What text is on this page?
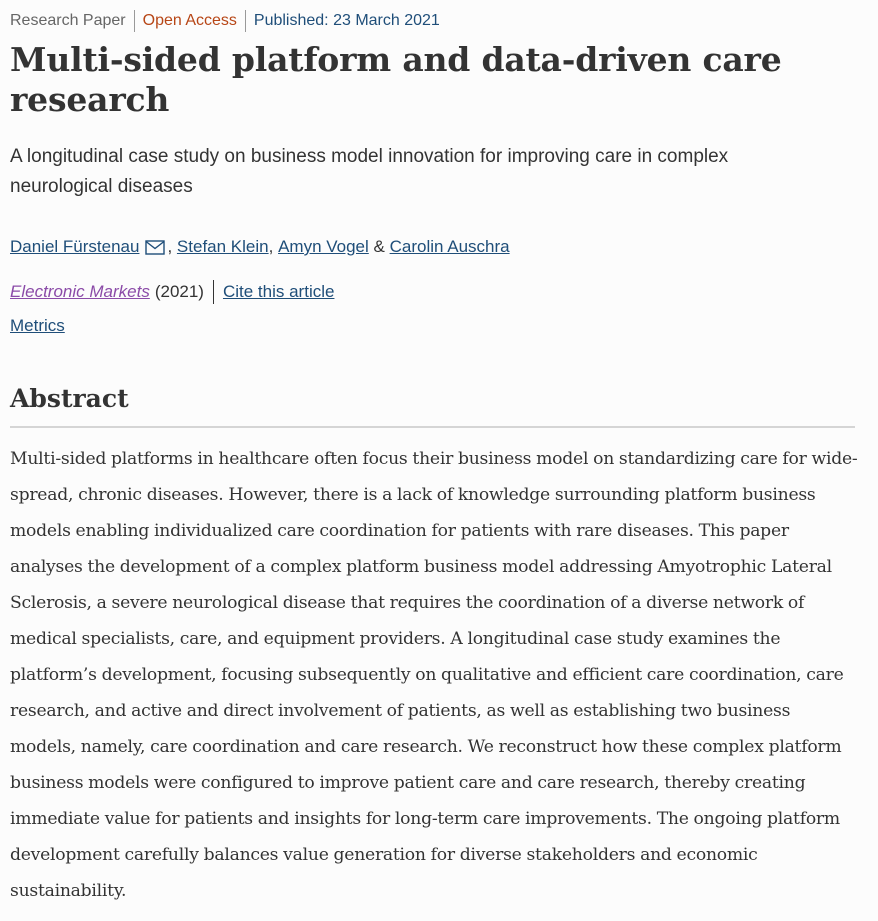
Research Paper	Open Access	Published: 23 March 2021
Multi-sided platform and data-driven care research
A longitudinal case study on business model innovation for improving care in complex neurological diseases
Daniel Fürstenau , Stefan Klein , Amyn Vogel & Carolin Auschra
Electronic Markets (2021)	Cite this article
Metrics
Abstract

Multi-sided platforms in healthcare often focus their business model on standardizing care for wide-spread, chronic diseases. However, there is a lack of knowledge surrounding platform business models enabling individualized care coordination for patients with rare diseases. This paper analyses the development of a complex platform business model addressing Amyotrophic Lateral Sclerosis, a severe neurological disease that requires the coordination of a diverse network of medical specialists, care, and equipment providers. A longitudinal case study examines the platform’s development, focusing subsequently on qualitative and efficient care coordination, care research, and active and direct involvement of patients, as well as establishing two business models, namely, care coordination and care research. We reconstruct how these complex platform business models were configured to improve patient care and care research, thereby creating immediate value for patients and insights for long-term care improvements. The ongoing platform development carefully balances value generation for diverse stakeholders and economic sustainability.
